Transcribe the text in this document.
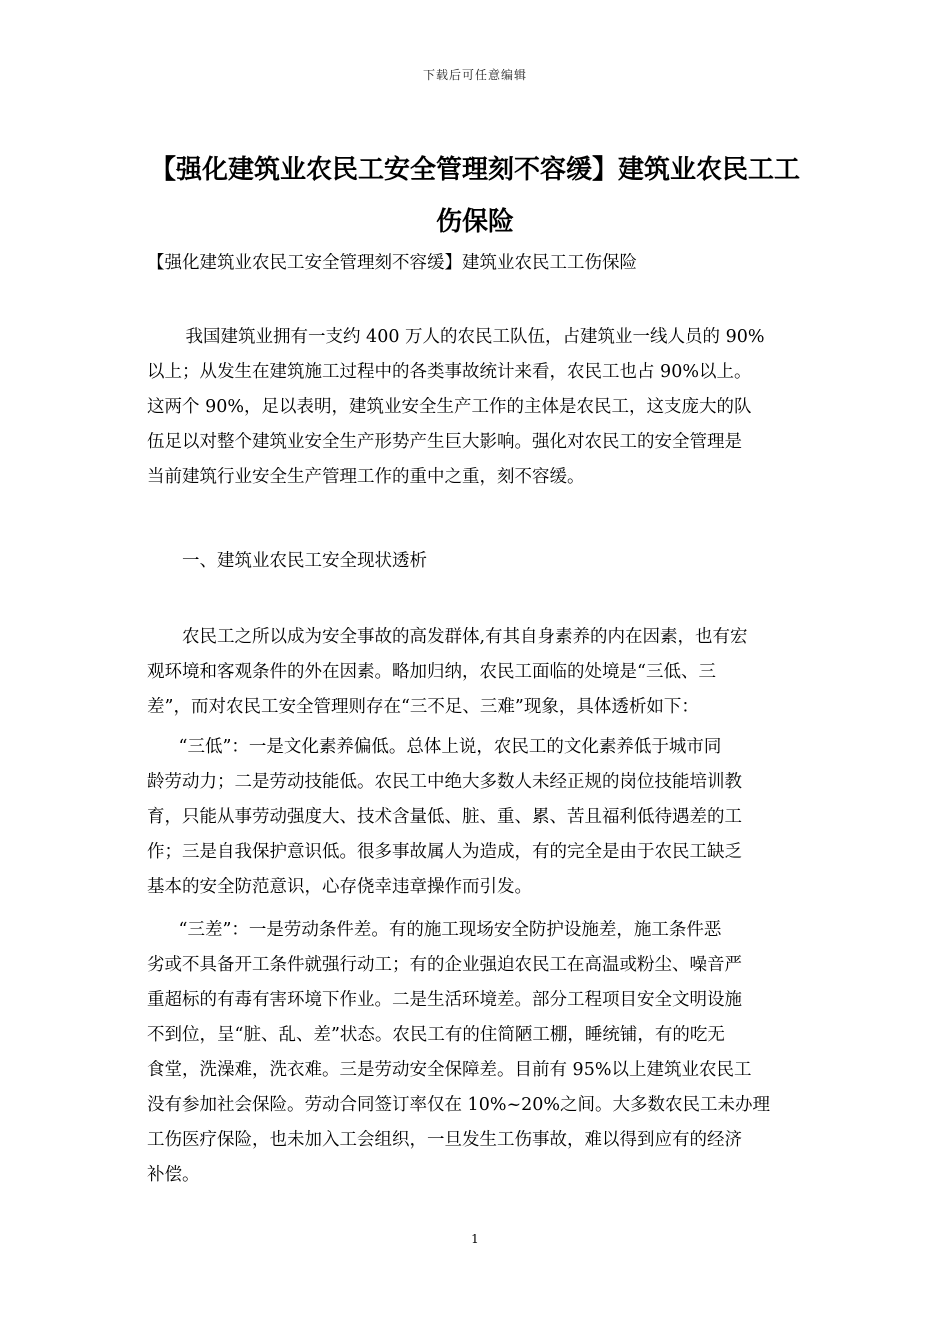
下载后可任意编辑
【强化建筑业农民工安全管理刻不容缓】建筑业农民工工
伤保险

【强化建筑业农民工安全管理刻不容缓】建筑业农民工工伤保险

我国建筑业拥有一支约 400 万人的农民工队伍，占建筑业一线人员的 90%
以上；从发生在建筑施工过程中的各类事故统计来看，农民工也占 90%以上。
这两个 90%，足以表明，建筑业安全生产工作的主体是农民工，这支庞大的队
伍足以对整个建筑业安全生产形势产生巨大影响。强化对农民工的安全管理是
当前建筑行业安全生产管理工作的重中之重，刻不容缓。
一、建筑业农民工安全现状透析
农民工之所以成为安全事故的高发群体,有其自身素养的内在因素，也有宏
观环境和客观条件的外在因素。略加归纳，农民工面临的处境是“三低、三
差”，而对农民工安全管理则存在“三不足、三难”现象，具体透析如下：
“三低”：一是文化素养偏低。总体上说，农民工的文化素养低于城市同
龄劳动力；二是劳动技能低。农民工中绝大多数人未经正规的岗位技能培训教
育，只能从事劳动强度大、技术含量低、脏、重、累、苦且福利低待遇差的工
作；三是自我保护意识低。很多事故属人为造成，有的完全是由于农民工缺乏
基本的安全防范意识，心存侥幸违章操作而引发。
“三差”：一是劳动条件差。有的施工现场安全防护设施差，施工条件恶
劣或不具备开工条件就强行动工；有的企业强迫农民工在高温或粉尘、噪音严
重超标的有毒有害环境下作业。二是生活环境差。部分工程项目安全文明设施
不到位，呈“脏、乱、差”状态。农民工有的住简陋工棚，睡统铺，有的吃无
食堂，洗澡难，洗衣难。三是劳动安全保障差。目前有 95%以上建筑业农民工
没有参加社会保险。劳动合同签订率仅在 10%~20%之间。大多数农民工未办理
工伤医疗保险，也未加入工会组织，一旦发生工伤事故，难以得到应有的经济
补偿。
1
